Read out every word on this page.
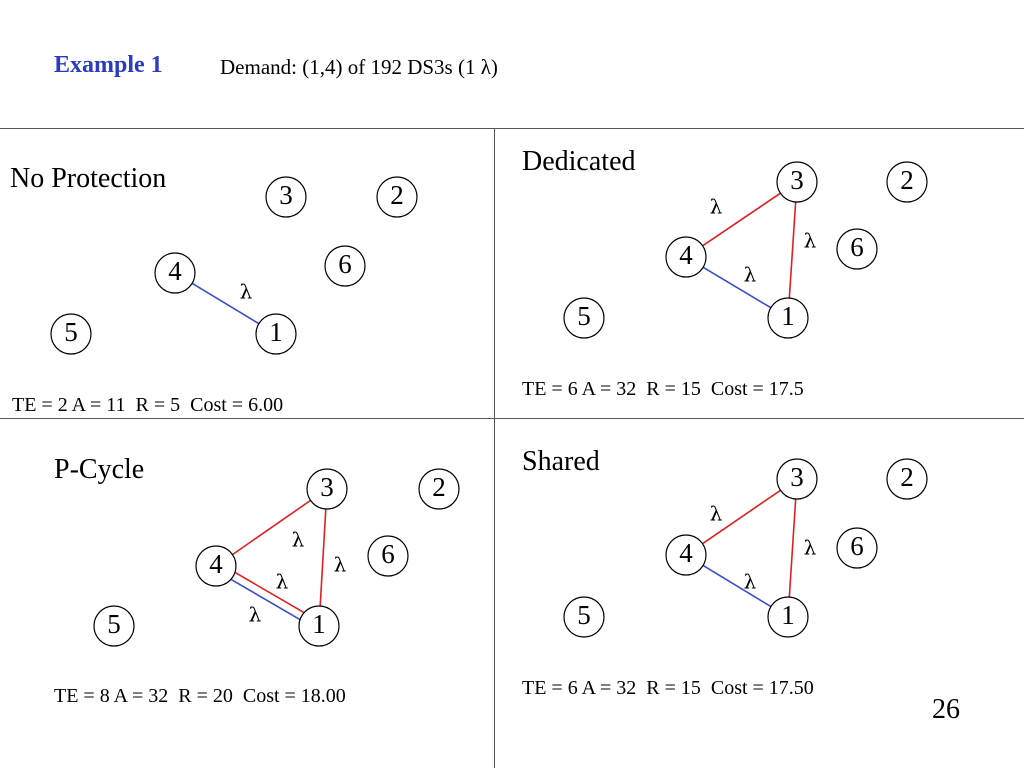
Example 1	Demand: (1,4) of 192 DS3s (1 λ)
No Protection
Dedicated
P-Cycle	Shared
TE = 2 A = 11  R = 5  Cost = 6.00
TE = 6 A = 32  R = 15  Cost = 17.5
TE = 8 A = 32  R = 20  Cost = 18.00	TE = 6 A = 32  R = 15  Cost = 17.50
26
λ
λ
λ
λ
λ
λ
λ
λ
λ
λ
λ
1
2
3
4
5
6
1
2
3
4
5
6
1
2
3
4
5
6
1
2
3
4
5
6
